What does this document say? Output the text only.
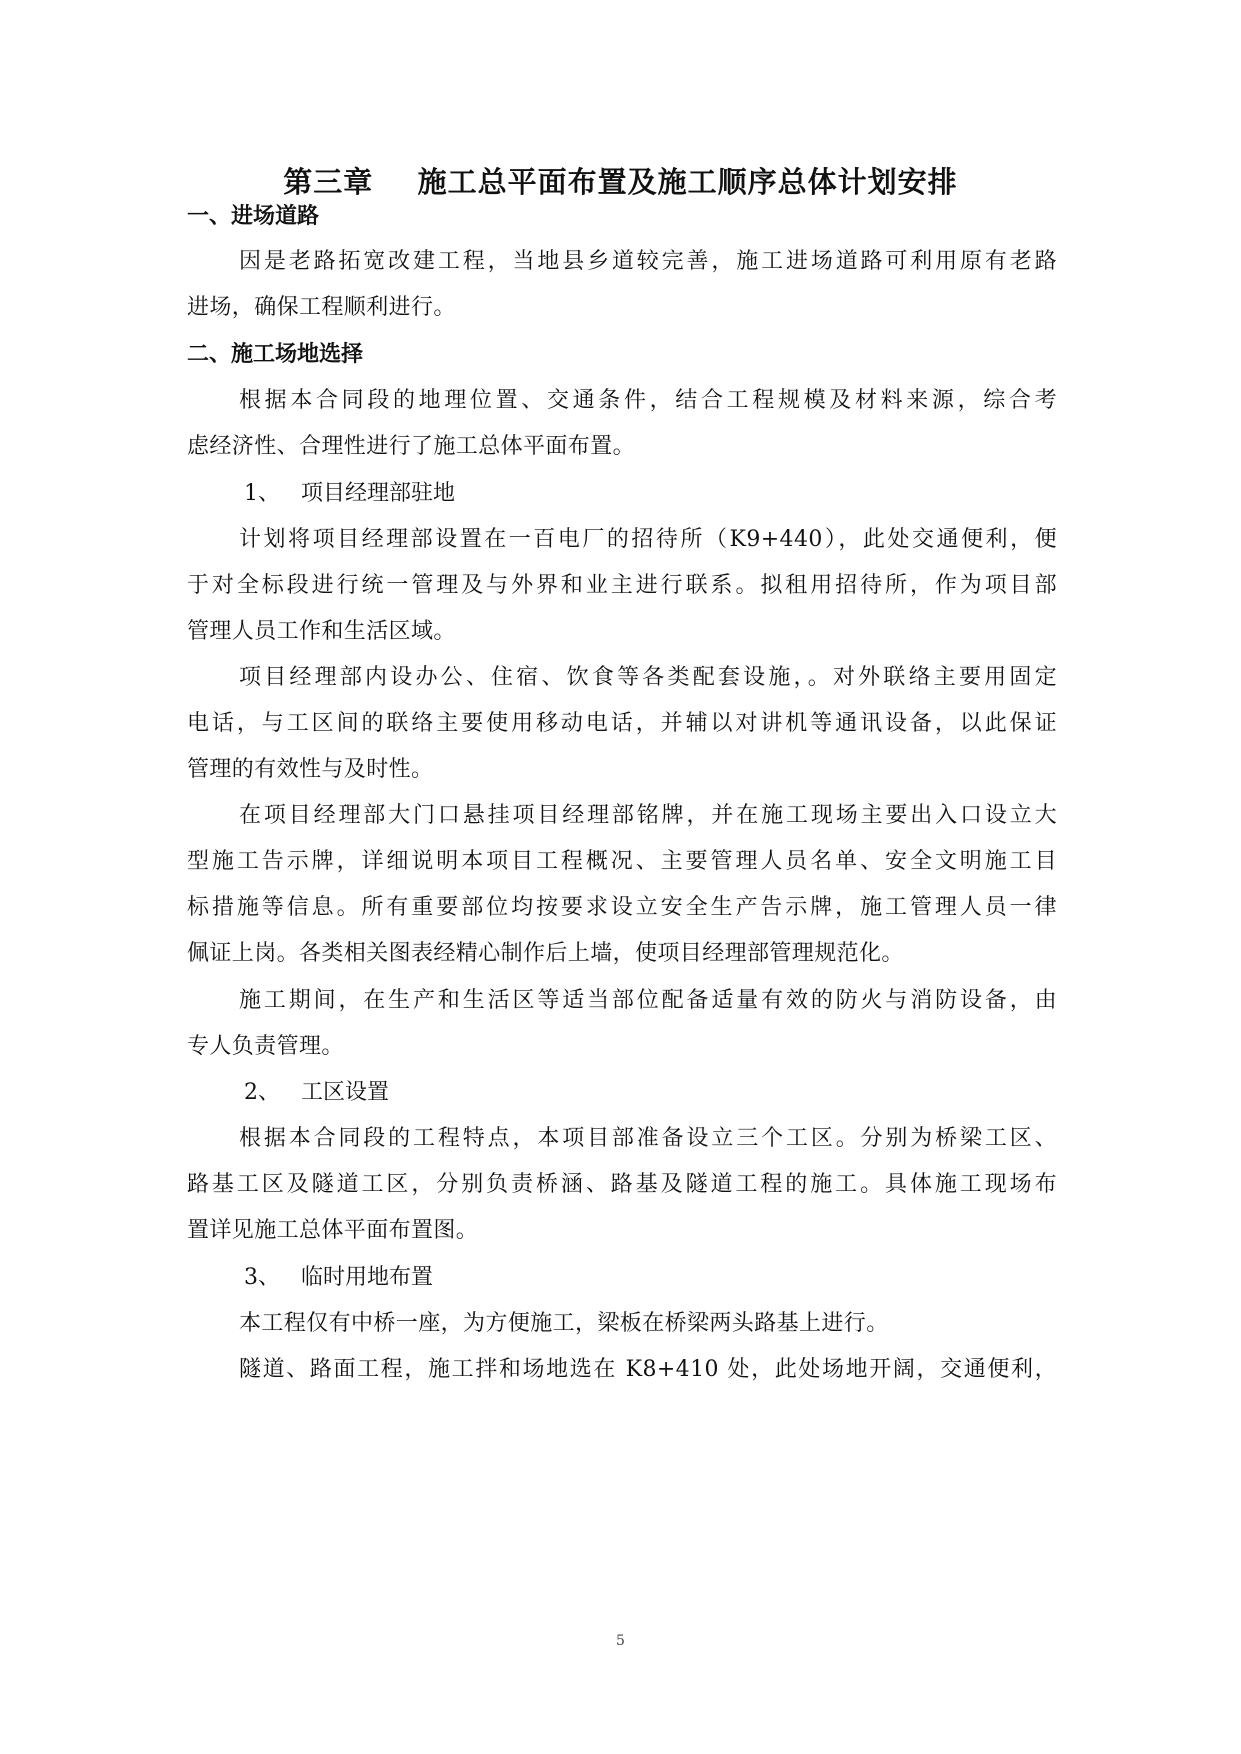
第三章    施工总平面布置及施工顺序总体计划安排
一、进场道路
因是老路拓宽改建工程，当地县乡道较完善，施工进场道路可利用原有老路
进场，确保工程顺利进行。
二、施工场地选择
根据本合同段的地理位置、交通条件，结合工程规模及材料来源，综合考
虑经济性、合理性进行了施工总体平面布置。
1、   项目经理部驻地
计划将项目经理部设置在一百电厂的招待所（K9+440），此处交通便利，便
于对全标段进行统一管理及与外界和业主进行联系。拟租用招待所，作为项目部
管理人员工作和生活区域。
项目经理部内设办公、住宿、饮食等各类配套设施，。对外联络主要用固定
电话，与工区间的联络主要使用移动电话，并辅以对讲机等通讯设备，以此保证
管理的有效性与及时性。
在项目经理部大门口悬挂项目经理部铭牌，并在施工现场主要出入口设立大
型施工告示牌，详细说明本项目工程概况、主要管理人员名单、安全文明施工目
标措施等信息。所有重要部位均按要求设立安全生产告示牌，施工管理人员一律
佩证上岗。各类相关图表经精心制作后上墙，使项目经理部管理规范化。
施工期间，在生产和生活区等适当部位配备适量有效的防火与消防设备，由
专人负责管理。
2、   工区设置
根据本合同段的工程特点，本项目部准备设立三个工区。分别为桥梁工区、
路基工区及隧道工区，分别负责桥涵、路基及隧道工程的施工。具体施工现场布
置详见施工总体平面布置图。
3、   临时用地布置
本工程仅有中桥一座，为方便施工，梁板在桥梁两头路基上进行。
隧道、路面工程，施工拌和场地选在 K8+410 处，此处场地开阔，交通便利，
5
